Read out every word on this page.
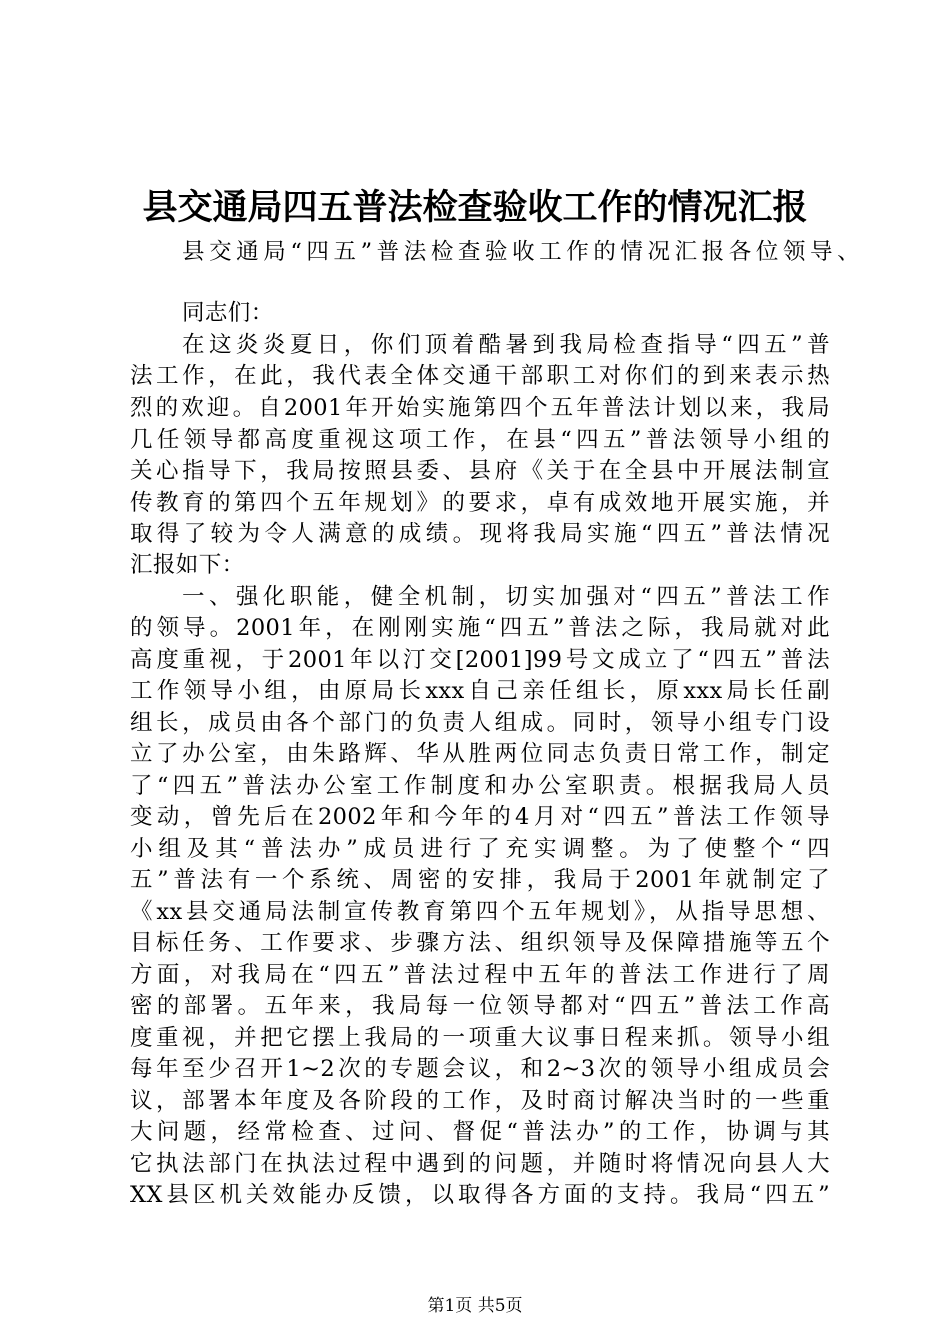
县交通局四五普法检查验收工作的情况汇报
县交通局“四五”普法检查验收工作的情况汇报各位领导、
同志们：
在这炎炎夏日，你们顶着酷暑到我局检查指导“四五”普
法工作，在此，我代表全体交通干部职工对你们的到来表示热
烈的欢迎。自2001年开始实施第四个五年普法计划以来，我局
几任领导都高度重视这项工作，在县“四五”普法领导小组的
关心指导下，我局按照县委、县府《关于在全县中开展法制宣
传教育的第四个五年规划》的要求，卓有成效地开展实施，并
取得了较为令人满意的成绩。现将我局实施“四五”普法情况
汇报如下：
一、强化职能，健全机制，切实加强对“四五”普法工作
的领导。2001年，在刚刚实施“四五”普法之际，我局就对此
高度重视，于2001年以汀交[2001]99号文成立了“四五”普法
工作领导小组，由原局长xxx自己亲任组长，原xxx局长任副
组长，成员由各个部门的负责人组成。同时，领导小组专门设
立了办公室，由朱路辉、华从胜两位同志负责日常工作，制定
了“四五”普法办公室工作制度和办公室职责。根据我局人员
变动，曾先后在2002年和今年的4月对“四五”普法工作领导
小组及其“普法办”成员进行了充实调整。为了使整个“四
五”普法有一个系统、周密的安排，我局于2001年就制定了
《xx县交通局法制宣传教育第四个五年规划》，从指导思想、
目标任务、工作要求、步骤方法、组织领导及保障措施等五个
方面，对我局在“四五”普法过程中五年的普法工作进行了周
密的部署。五年来，我局每一位领导都对“四五”普法工作高
度重视，并把它摆上我局的一项重大议事日程来抓。领导小组
每年至少召开1~2次的专题会议，和2~3次的领导小组成员会
议，部署本年度及各阶段的工作，及时商讨解决当时的一些重
大问题，经常检查、过问、督促“普法办”的工作，协调与其
它执法部门在执法过程中遇到的问题，并随时将情况向县人大
XX县区机关效能办反馈，以取得各方面的支持。我局“四五”
第1页 共5页
